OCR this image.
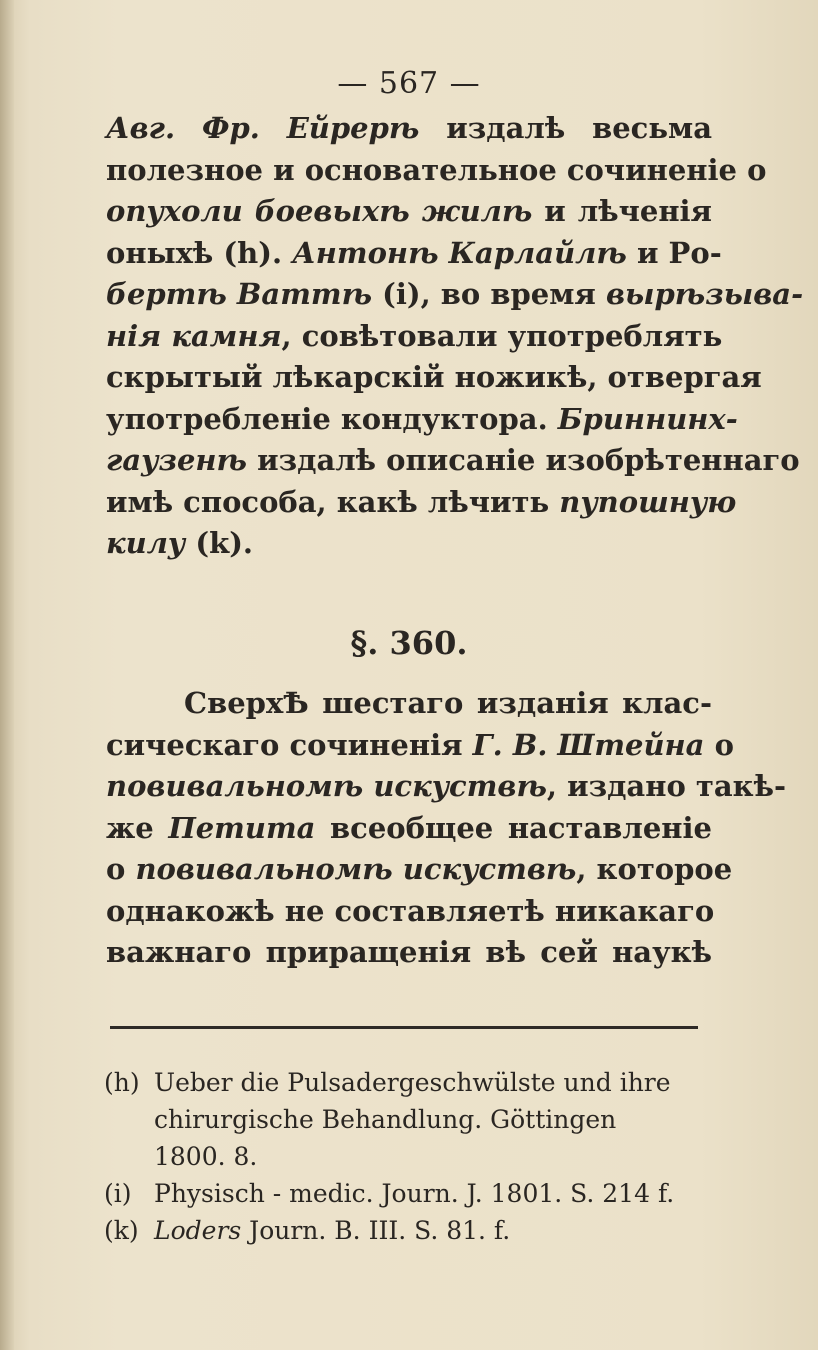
— 567 —
Авг. Фр. Ейрерѣ издалѣ весьма
полезное и основательное сочиненіе о
опухоли боевыхѣ жилѣ и лѣченія
оныхѣ (h). Антонѣ Карлайлѣ и Ро-
бертѣ Ваттѣ (i), во время вырѣзыва-
нія камня, совѣтовали употреблять
скрытый лѣкарскій ножикѣ, отвергая
употребленіе кондуктора. Бриннинх-
гаузенѣ издалѣ описаніе изобрѣтеннаго
имѣ способа, какѣ лѣчить пупошную
килу (k).
§. 360.
СверхѢ шестаго изданія клас-
сическаго сочиненія Г. В. Штейна о
повивальномѣ искуствѣ, издано такѣ-
же Петита всеобщее наставленіе
о повивальномѣ искуствѣ, которое
однакожѣ не составляетѣ никакаго
важнаго приращенія вѣ сей наукѣ
(h) Ueber die Pulsadergeschwülste und ihre
chirurgische Behandlung. Göttingen
1800. 8.
(i) Physisch - medic. Journ. J. 1801. S. 214 f.
(k) Loders Journ. B. III. S. 81. f.
